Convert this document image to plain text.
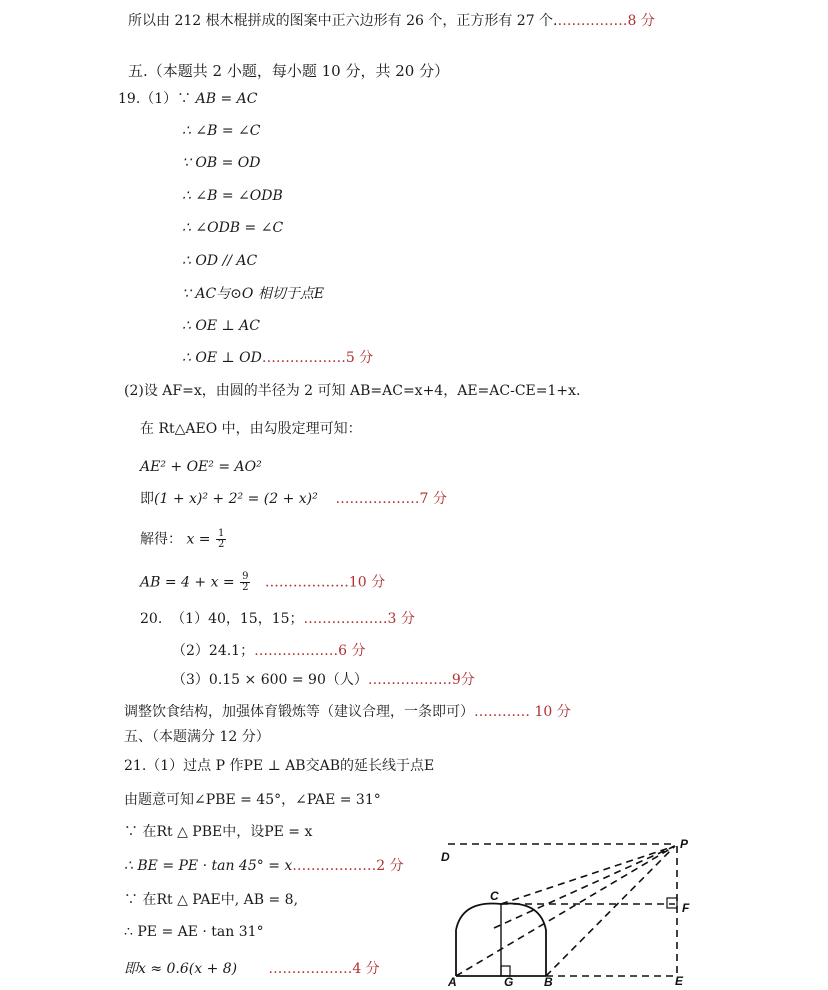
所以由 212 根木棍拼成的图案中正六边形有 26 个，正方形有 27 个.……………8 分
五.（本题共 2 小题，每小题 10 分，共 20 分）
19.（1）∵ AB = AC
∴ ∠B = ∠C
∵ OB = OD
∴ ∠B = ∠ODB
∴ ∠ODB = ∠C
∴ OD // AC
∵ AC与⊙O 相切于点E
∴ OE ⊥ AC
∴ OE ⊥ OD………………5 分
(2)设 AF=x，由圆的半径为 2 可知 AB=AC=x+4，AE=AC-CE=1+x.
在 Rt△AEO 中，由勾股定理可知：
AE² + OE² = AO²
即(1 + x)² + 2² = (2 + x)² ………………7 分
解得： $x = \frac{1}{2}$
AB = $4 + x = \frac{9}{2}$ ………………10 分
20. （1）40，15，15；………………3 分
（2）24.1；………………6 分
（3）0.15 × 600 = 90（人）………………9分
调整饮食结构，加强体育锻炼等（建议合理，一条即可）………… 10 分
五、（本题满分 12 分）
21.（1）过点 P 作PE ⊥ AB交AB的延长线于点E
由题意可知∠PBE = 45°，∠PAE = 31°
∵ 在Rt △ PBE中，设PE = x
∴ BE = PE · tan 45° = x………………2 分
∵ 在Rt △ PAE中, AB = 8,
∴ PE = AE · tan 31°
即x ≈ 0.6(x + 8) ………………4 分
P
D
C
F
A	G	B	E
